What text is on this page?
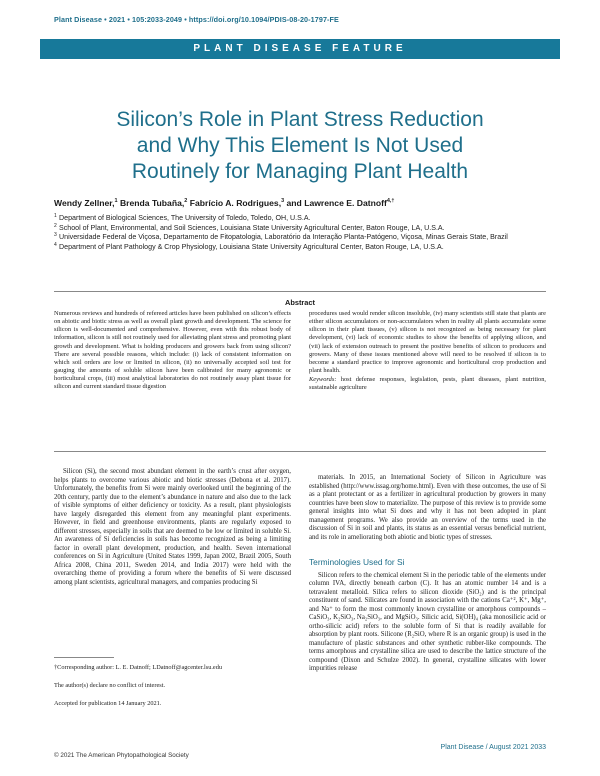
Plant Disease • 2021 • 105:2033-2049 • https://doi.org/10.1094/PDIS-08-20-1797-FE
PLANT DISEASE FEATURE
Silicon’s Role in Plant Stress Reduction
and Why This Element Is Not Used
Routinely for Managing Plant Health
Wendy Zellner,$^1$ Brenda Tubaña,$^2$ Fabrício A. Rodrigues,$^3$ and Lawrence E. Datnoff$^{4,\dagger}$
1 Department of Biological Sciences, The University of Toledo, Toledo, OH, U.S.A.
2 School of Plant, Environmental, and Soil Sciences, Louisiana State University Agricultural Center, Baton Rouge, LA, U.S.A.
3 Universidade Federal de Viçosa, Departamento de Fitopatologia, Laboratório da Interação Planta-Patógeno, Viçosa, Minas Gerais State, Brazil
4 Department of Plant Pathology & Crop Physiology, Louisiana State University Agricultural Center, Baton Rouge, LA, U.S.A.
Abstract
Numerous reviews and hundreds of refereed articles have been published on silicon’s effects on abiotic and biotic stress as well as overall plant growth and development. The science for silicon is well-documented and comprehensive. However, even with this robust body of information, silicon is still not routinely used for alleviating plant stress and promoting plant growth and development. What is holding producers and growers back from using silicon? There are several possible reasons, which include: (i) lack of consistent information on which soil orders are low or limited in silicon, (ii) no universally accepted soil test for gauging the amounts of soluble silicon have been calibrated for many agronomic or horticultural crops, (iii) most analytical laboratories do not routinely assay plant tissue for silicon and current standard tissue digestion
procedures used would render silicon insoluble, (iv) many scientists still state that plants are either silicon accumulators or non-accumulators when in reality all plants accumulate some silicon in their plant tissues, (v) silicon is not recognized as being necessary for plant development, (vi) lack of economic studies to show the benefits of applying silicon, and (vii) lack of extension outreach to present the positive benefits of silicon to producers and growers. Many of these issues mentioned above will need to be resolved if silicon is to become a standard practice to improve agronomic and horticultural crop production and plant health.
Keywords: host defense responses, legislation, pests, plant diseases, plant nutrition, sustainable agriculture

Silicon (Si), the second most abundant element in the earth’s crust after oxygen, helps plants to overcome various abiotic and biotic stresses (Debona et al. 2017). Unfortunately, the benefits from Si were mainly overlooked until the beginning of the 20th century, partly due to the element’s abundance in nature and also due to the lack of visible symptoms of either deficiency or toxicity. As a result, plant physiologists have largely disregarded this element from any meaningful plant experiments. However, in field and greenhouse environments, plants are regularly exposed to different stresses, especially in soils that are deemed to be low or limited in soluble Si. An awareness of Si deficiencies in soils has become recognized as being a limiting factor in overall plant development, production, and health. Seven international conferences on Si in Agriculture (United States 1999, Japan 2002, Brazil 2005, South Africa 2008, China 2011, Sweden 2014, and India 2017) were held with the overarching theme of providing a forum where the benefits of Si were discussed among plant scientists, agricultural managers, and companies producing Si

materials. In 2015, an International Society of Silicon in Agriculture was established (http://www.issag.org/home.html). Even with these outcomes, the use of Si as a plant protectant or as a fertilizer in agricultural production by growers in many countries have been slow to materialize. The purpose of this review is to provide some general insights into what Si does and why it has not been adopted in plant management programs. We also provide an overview of the terms used in the discussion of Si in soil and plants, its status as an essential versus beneficial nutrient, and its role in ameliorating both abiotic and biotic types of stresses.

Terminologies Used for Si

Silicon refers to the chemical element Si in the periodic table of the elements under column IVA, directly beneath carbon (C). It has an atomic number 14 and is a tetravalent metalloid. Silica refers to silicon dioxide (SiO₂) and is the principal constituent of sand. Silicates are found in association with the cations Ca⁺², K⁺, Mg⁺, and Na⁺ to form the most commonly known crystalline or amorphous compounds – CaSiO₃, K₂SiO₃, Na₂SiO₃, and MgSiO₃. Silicic acid, Si(OH)₄ (aka monosilicic acid or ortho-silicic acid) refers to the soluble form of Si that is readily available for absorption by plant roots. Silicone (R₂SiO, where R is an organic group) is used in the manufacture of plastic substances and other synthetic rubber-like compounds. The terms amorphous and crystalline silica are used to describe the lattice structure of the compound (Dixon and Schulze 2002). In general, crystalline silicates with lower impurities release

†Corresponding author: L. E. Datnoff; LDatnoff@agcenter.lsu.edu
The author(s) declare no conflict of interest.
Accepted for publication 14 January 2021.
© 2021 The American Phytopathological Society
Plant Disease / August 2021 2033
